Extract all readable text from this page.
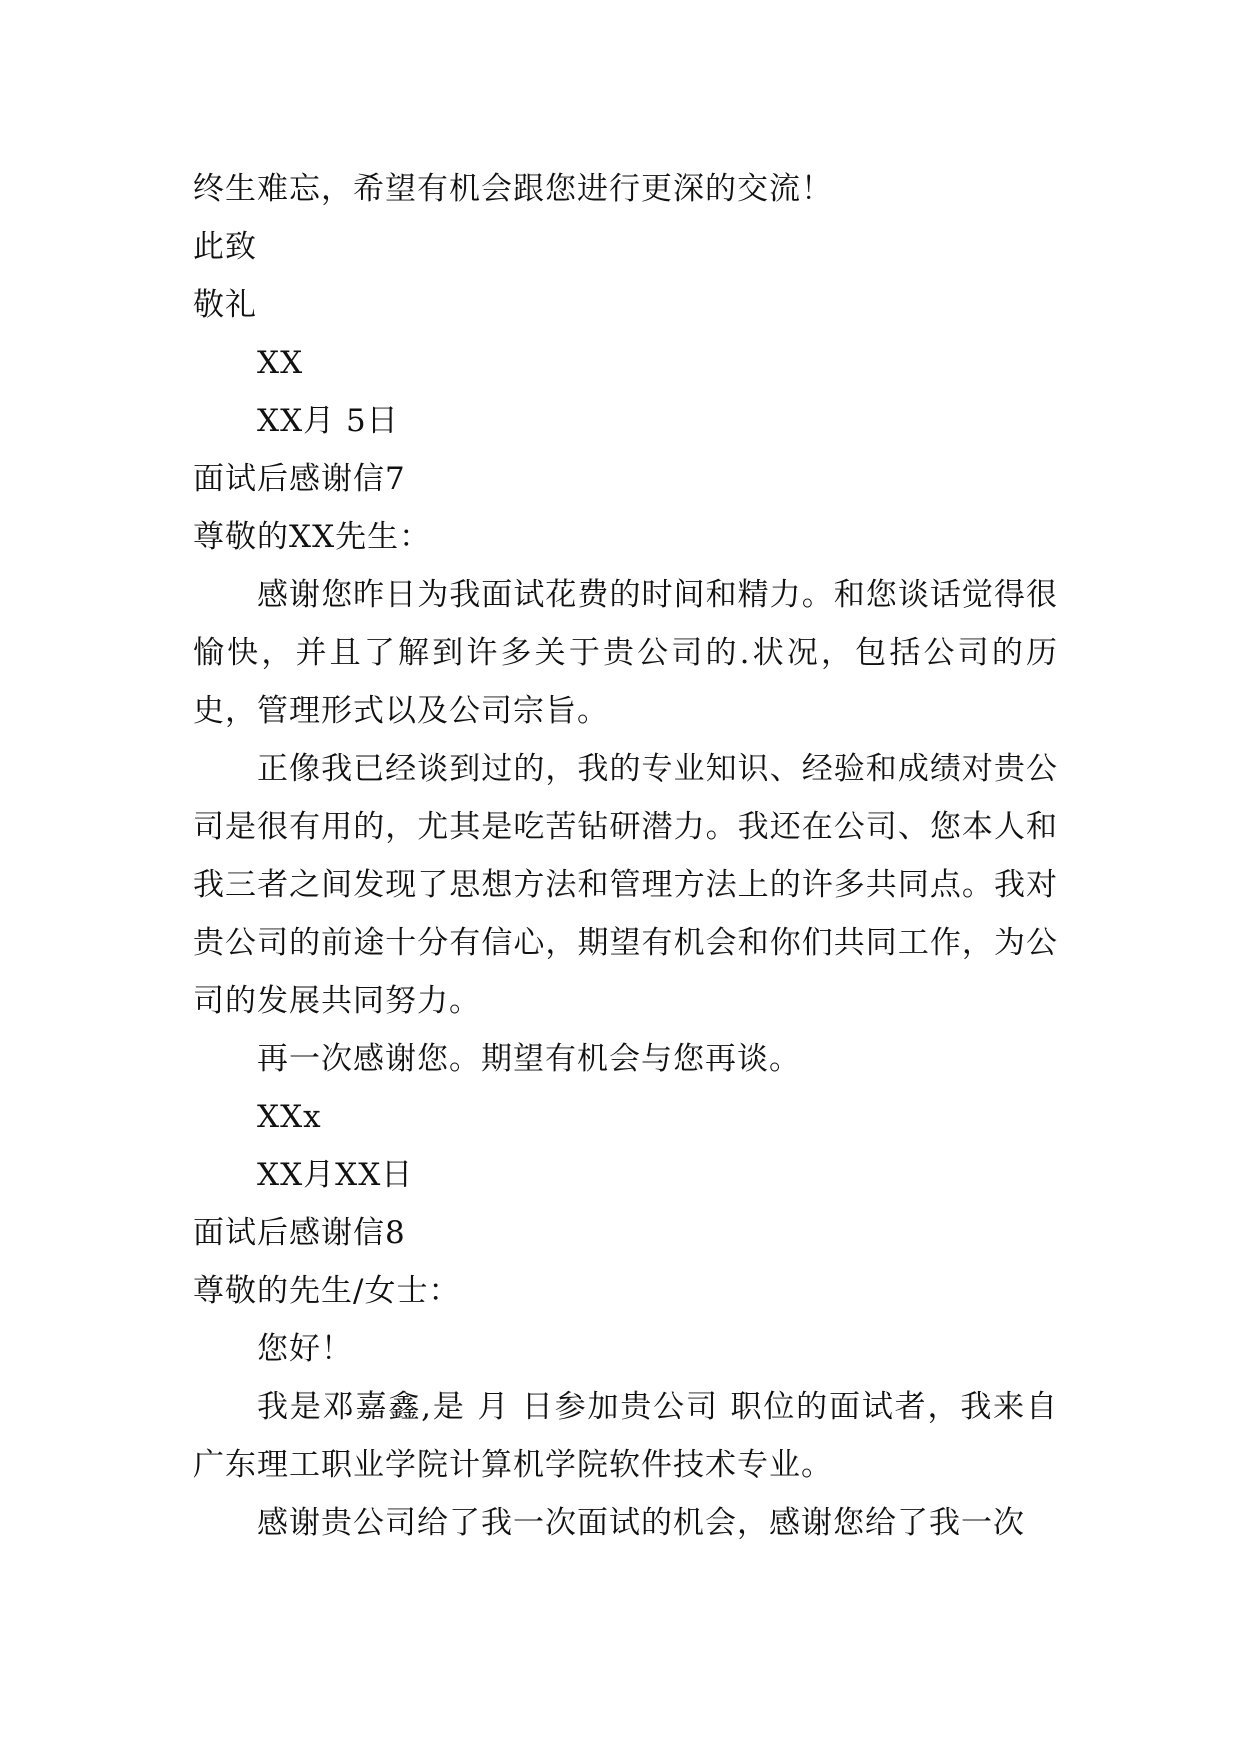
终生难忘，希望有机会跟您进行更深的交流！

此致

敬礼

XX

XX月 5日

面试后感谢信7

尊敬的XX先生：

感谢您昨日为我面试花费的时间和精力。和您谈话觉得很愉快，并且了解到许多关于贵公司的.状况，包括公司的历史，管理形式以及公司宗旨。

正像我已经谈到过的，我的专业知识、经验和成绩对贵公司是很有用的，尤其是吃苦钻研潜力。我还在公司、您本人和我三者之间发现了思想方法和管理方法上的许多共同点。我对贵公司的前途十分有信心，期望有机会和你们共同工作，为公司的发展共同努力。

再一次感谢您。期望有机会与您再谈。

XXx

XX月XX日

面试后感谢信8

尊敬的先生/女士：

您好！

我是邓嘉鑫,是 月 日参加贵公司 职位的面试者，我来自广东理工职业学院计算机学院软件技术专业。

感谢贵公司给了我一次面试的机会，感谢您给了我一次
